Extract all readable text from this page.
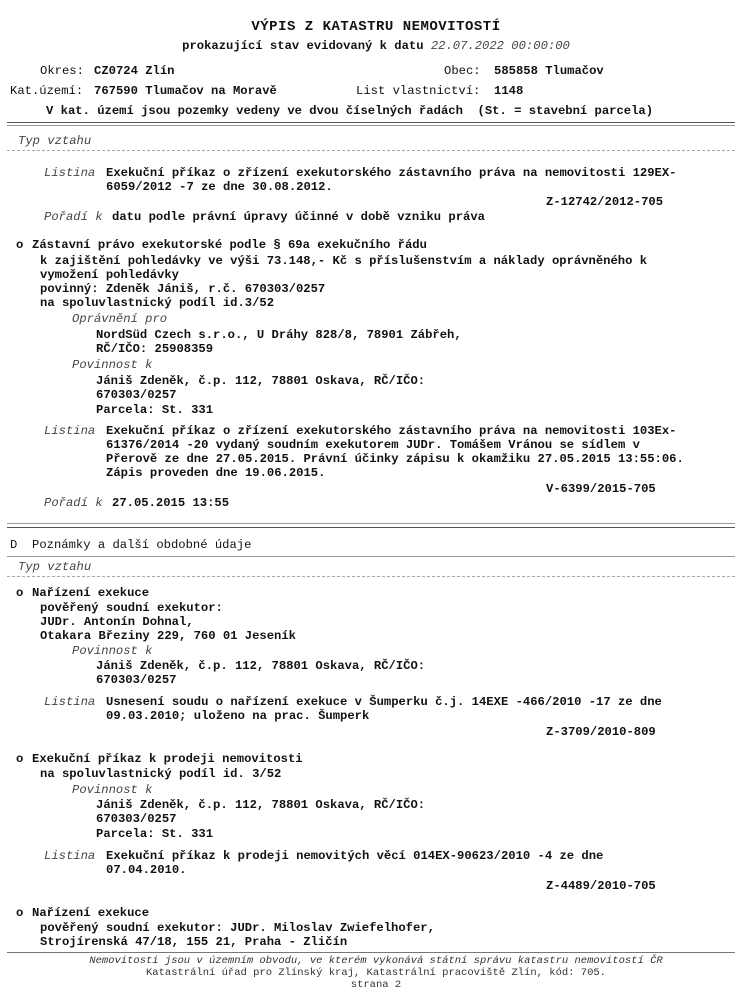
VÝPIS Z KATASTRU NEMOVITOSTÍ
prokazující stav evidovaný k datu 22.07.2022 00:00:00
Okres: CZ0724 Zlín	Obec: 585858 Tlumačov
Kat.území: 767590 Tlumačov na Moravě	List vlastnictví: 1148
V kat. území jsou pozemky vedeny ve dvou číselných řadách  (St. = stavební parcela)
Typ vztahu
Listina Exekuční příkaz o zřízení exekutorského zástavního práva na nemovitosti 129EX-
6059/2012 -7 ze dne 30.08.2012.
Z-12742/2012-705
Pořadí k datu podle právní úpravy účinné v době vzniku práva
o Zástavní právo exekutorské podle § 69a exekučního řádu
k zajištění pohledávky ve výši 73.148,- Kč s příslušenstvím a náklady oprávněného k
vymožení pohledávky
povinný: Zdeněk Jániš, r.č. 670303/0257
na spoluvlastnický podíl id.3/52
Oprávnění pro
NordSüd Czech s.r.o., U Dráhy 828/8, 78901 Zábřeh,
RČ/IČO: 25908359
Povinnost k
Jániš Zdeněk, č.p. 112, 78801 Oskava, RČ/IČO:
670303/0257
Parcela: St. 331
Listina Exekuční příkaz o zřízení exekutorského zástavního práva na nemovitosti 103Ex-
61376/2014 -20 vydaný soudním exekutorem JUDr. Tomášem Vránou se sídlem v
Přerově ze dne 27.05.2015. Právní účinky zápisu k okamžiku 27.05.2015 13:55:06.
Zápis proveden dne 19.06.2015.
V-6399/2015-705
Pořadí k 27.05.2015 13:55
D Poznámky a další obdobné údaje
Typ vztahu
o Nařízení exekuce
pověřený soudní exekutor:
JUDr. Antonín Dohnal,
Otakara Březiny 229, 760 01 Jeseník
Povinnost k
Jániš Zdeněk, č.p. 112, 78801 Oskava, RČ/IČO:
670303/0257
Listina Usnesení soudu o nařízení exekuce v Šumperku č.j. 14EXE -466/2010 -17 ze dne
09.03.2010; uloženo na prac. Šumperk
Z-3709/2010-809
o Exekuční příkaz k prodeji nemovitosti
na spoluvlastnický podíl id. 3/52
Povinnost k
Jániš Zdeněk, č.p. 112, 78801 Oskava, RČ/IČO:
670303/0257
Parcela: St. 331
Listina Exekuční příkaz k prodeji nemovitých věcí 014EX-90623/2010 -4 ze dne
07.04.2010.
Z-4489/2010-705
o Nařízení exekuce
pověřený soudní exekutor: JUDr. Miloslav Zwiefelhofer,
Strojírenská 47/18, 155 21, Praha - Zličín
Nemovitosti jsou v územním obvodu, ve kterém vykonává státní správu katastru nemovitostí ČR
Katastrální úřad pro Zlínský kraj, Katastrální pracoviště Zlín, kód: 705.
strana 2
